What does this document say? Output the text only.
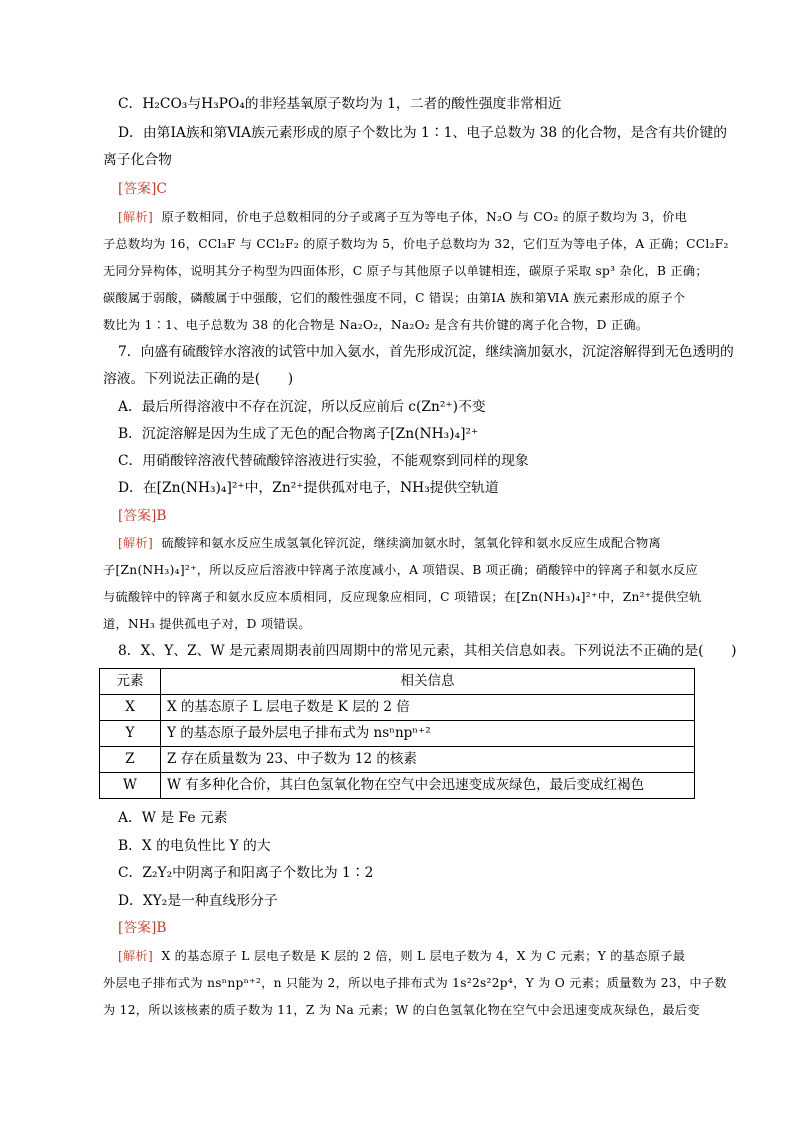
C．H₂CO₃与H₃PO₄的非羟基氧原子数均为 1，二者的酸性强度非常相近
D．由第ⅠA族和第ⅥA族元素形成的原子个数比为 1∶1、电子总数为 38 的化合物，是含有共价键的
离子化合物
[答案]C
[解析] 原子数相同，价电子总数相同的分子或离子互为等电子体，N₂O 与 CO₂ 的原子数均为 3，价电
子总数均为 16，CCl₃F 与 CCl₂F₂ 的原子数均为 5，价电子总数均为 32，它们互为等电子体，A 正确；CCl₂F₂
无同分异构体，说明其分子构型为四面体形，C 原子与其他原子以单键相连，碳原子采取 sp³ 杂化，B 正确；
碳酸属于弱酸，磷酸属于中强酸，它们的酸性强度不同，C 错误；由第ⅠA 族和第ⅥA 族元素形成的原子个
数比为 1∶1、电子总数为 38 的化合物是 Na₂O₂，Na₂O₂ 是含有共价键的离子化合物，D 正确。
7．向盛有硫酸锌水溶液的试管中加入氨水，首先形成沉淀，继续滴加氨水，沉淀溶解得到无色透明的
溶液。下列说法正确的是(　　)
A．最后所得溶液中不存在沉淀，所以反应前后 c(Zn²⁺)不变
B．沉淀溶解是因为生成了无色的配合物离子[Zn(NH₃)₄]²⁺
C．用硝酸锌溶液代替硫酸锌溶液进行实验，不能观察到同样的现象
D．在[Zn(NH₃)₄]²⁺中，Zn²⁺提供孤对电子，NH₃提供空轨道
[答案]B
[解析] 硫酸锌和氨水反应生成氢氧化锌沉淀，继续滴加氨水时，氢氧化锌和氨水反应生成配合物离
子[Zn(NH₃)₄]²⁺，所以反应后溶液中锌离子浓度减小，A 项错误、B 项正确；硝酸锌中的锌离子和氨水反应
与硫酸锌中的锌离子和氨水反应本质相同，反应现象应相同，C 项错误；在[Zn(NH₃)₄]²⁺中，Zn²⁺提供空轨
道，NH₃ 提供孤电子对，D 项错误。
8．X、Y、Z、W 是元素周期表前四周期中的常见元素，其相关信息如表。下列说法不正确的是(　　)
元素	相关信息
X	X 的基态原子 L 层电子数是 K 层的 2 倍
Y	Y 的基态原子最外层电子排布式为 nsⁿnpⁿ⁺²
Z	Z 存在质量数为 23、中子数为 12 的核素
W	W 有多种化合价，其白色氢氧化物在空气中会迅速变成灰绿色，最后变成红褐色
A．W 是 Fe 元素
B．X 的电负性比 Y 的大
C．Z₂Y₂中阴离子和阳离子个数比为 1∶2
D．XY₂是一种直线形分子
[答案]B
[解析] X 的基态原子 L 层电子数是 K 层的 2 倍，则 L 层电子数为 4，X 为 C 元素；Y 的基态原子最
外层电子排布式为 nsⁿnpⁿ⁺²，n 只能为 2，所以电子排布式为 1s²2s²2p⁴，Y 为 O 元素；质量数为 23，中子数
为 12，所以该核素的质子数为 11，Z 为 Na 元素；W 的白色氢氧化物在空气中会迅速变成灰绿色，最后变
